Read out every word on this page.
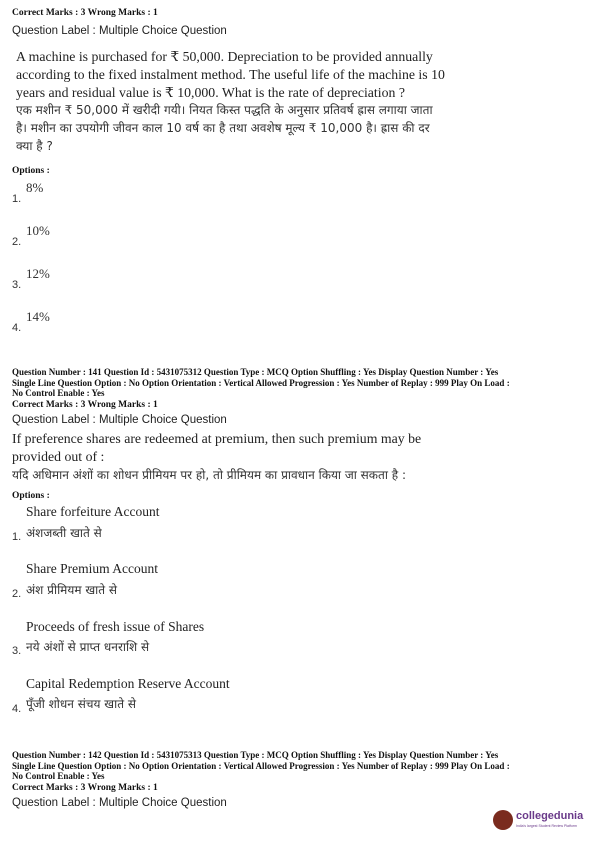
Correct Marks : 3 Wrong Marks : 1
Question Label : Multiple Choice Question
A machine is purchased for ₹ 50,000. Depreciation to be provided annually
according to the fixed instalment method. The useful life of the machine is 10
years and residual value is ₹ 10,000. What is the rate of depreciation ?
एक मशीन ₹ 50,000 में खरीदी गयी। नियत किस्त पद्धति के अनुसार प्रतिवर्ष ह्रास लगाया जाता
है। मशीन का उपयोगी जीवन काल 10 वर्ष का है तथा अवशेष मूल्य ₹ 10,000 है। ह्रास की दर
क्या है ?
Options :
8%
1.
10%
2.
12%
3.
14%
4.
Question Number : 141 Question Id : 5431075312 Question Type : MCQ Option Shuffling : Yes Display Question Number : Yes
Single Line Question Option : No Option Orientation : Vertical Allowed Progression : Yes Number of Replay : 999 Play On Load :
No Control Enable : Yes
Correct Marks : 3 Wrong Marks : 1
Question Label : Multiple Choice Question
If preference shares are redeemed at premium, then such premium may be
provided out of :
यदि अधिमान अंशों का शोधन प्रीमियम पर हो, तो प्रीमियम का प्रावधान किया जा सकता है :
Options :
Share forfeiture Account
अंशजब्ती खाते से
1.
Share Premium Account
अंश प्रीमियम खाते से
2.
Proceeds of fresh issue of Shares
नये अंशों से प्राप्त धनराशि से
3.
Capital Redemption Reserve Account
पूँजी शोधन संचय खाते से
4.
Question Number : 142 Question Id : 5431075313 Question Type : MCQ Option Shuffling : Yes Display Question Number : Yes
Single Line Question Option : No Option Orientation : Vertical Allowed Progression : Yes Number of Replay : 999 Play On Load :
No Control Enable : Yes
Correct Marks : 3 Wrong Marks : 1
Question Label : Multiple Choice Question
collegedunia
India's largest Student Review Platform
